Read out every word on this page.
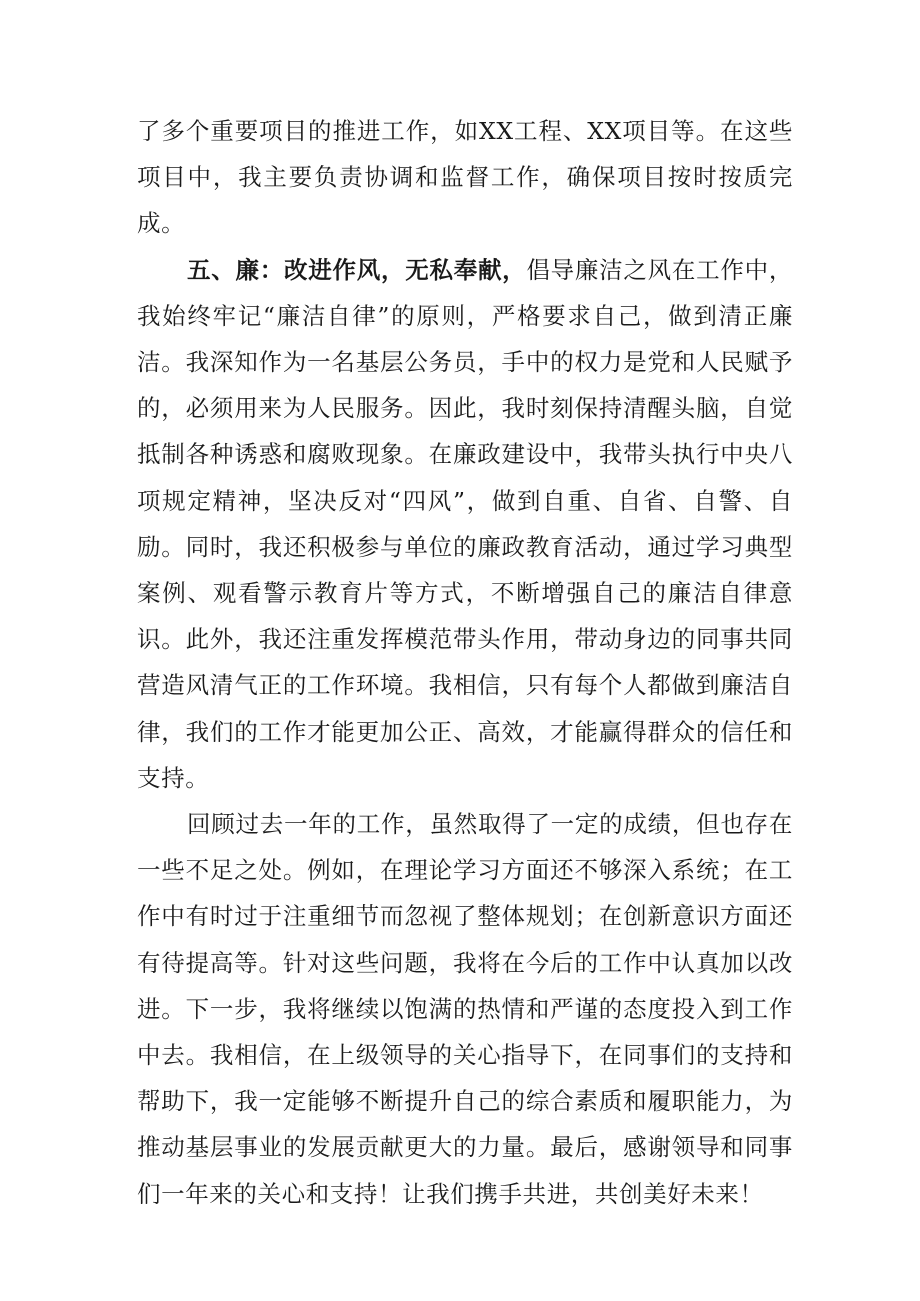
了多个重要项目的推进工作，如XX工程、XX项目等。在这些项目中，我主要负责协调和监督工作，确保项目按时按质完成。

五、廉：改进作风，无私奉献，倡导廉洁之风在工作中，我始终牢记“廉洁自律”的原则，严格要求自己，做到清正廉洁。我深知作为一名基层公务员，手中的权力是党和人民赋予的，必须用来为人民服务。因此，我时刻保持清醒头脑，自觉抵制各种诱惑和腐败现象。在廉政建设中，我带头执行中央八项规定精神，坚决反对“四风”，做到自重、自省、自警、自励。同时，我还积极参与单位的廉政教育活动，通过学习典型案例、观看警示教育片等方式，不断增强自己的廉洁自律意识。此外，我还注重发挥模范带头作用，带动身边的同事共同营造风清气正的工作环境。我相信，只有每个人都做到廉洁自律，我们的工作才能更加公正、高效，才能赢得群众的信任和支持。

回顾过去一年的工作，虽然取得了一定的成绩，但也存在一些不足之处。例如，在理论学习方面还不够深入系统；在工作中有时过于注重细节而忽视了整体规划；在创新意识方面还有待提高等。针对这些问题，我将在今后的工作中认真加以改进。下一步，我将继续以饱满的热情和严谨的态度投入到工作中去。我相信，在上级领导的关心指导下，在同事们的支持和帮助下，我一定能够不断提升自己的综合素质和履职能力，为推动基层事业的发展贡献更大的力量。最后，感谢领导和同事们一年来的关心和支持！让我们携手共进，共创美好未来！
